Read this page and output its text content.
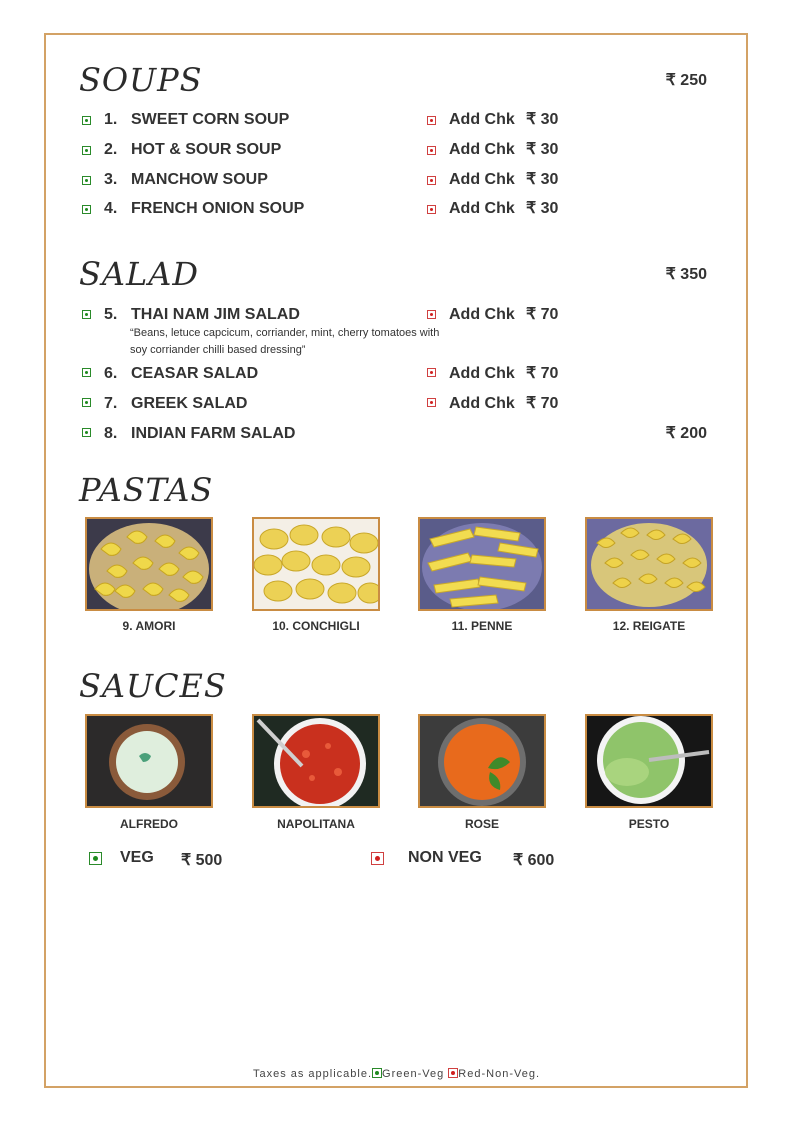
SOUPS	₹ 250
1. SWEET CORN SOUP	Add Chk ₹ 30
2. HOT & SOUR SOUP	Add Chk ₹ 30
3. MANCHOW SOUP	Add Chk ₹ 30
4. FRENCH ONION SOUP	Add Chk ₹ 30
SALAD	₹ 350
5. THAI NAM JIM SALAD	Add Chk ₹ 70
“Beans, letuce capcicum, corriander, mint, cherry tomatoes with
soy corriander chilli based dressing”
6. CEASAR SALAD	Add Chk ₹ 70
7. GREEK SALAD	Add Chk ₹ 70
8. INDIAN FARM SALAD	₹ 200
PASTAS
9. AMORI	10. CONCHIGLI	11. PENNE	12. REIGATE
SAUCES
ALFREDO	NAPOLITANA	ROSE	PESTO
VEG ₹ 500	NON VEG ₹ 600
Taxes as applicable. Green-Veg Red-Non-Veg.
